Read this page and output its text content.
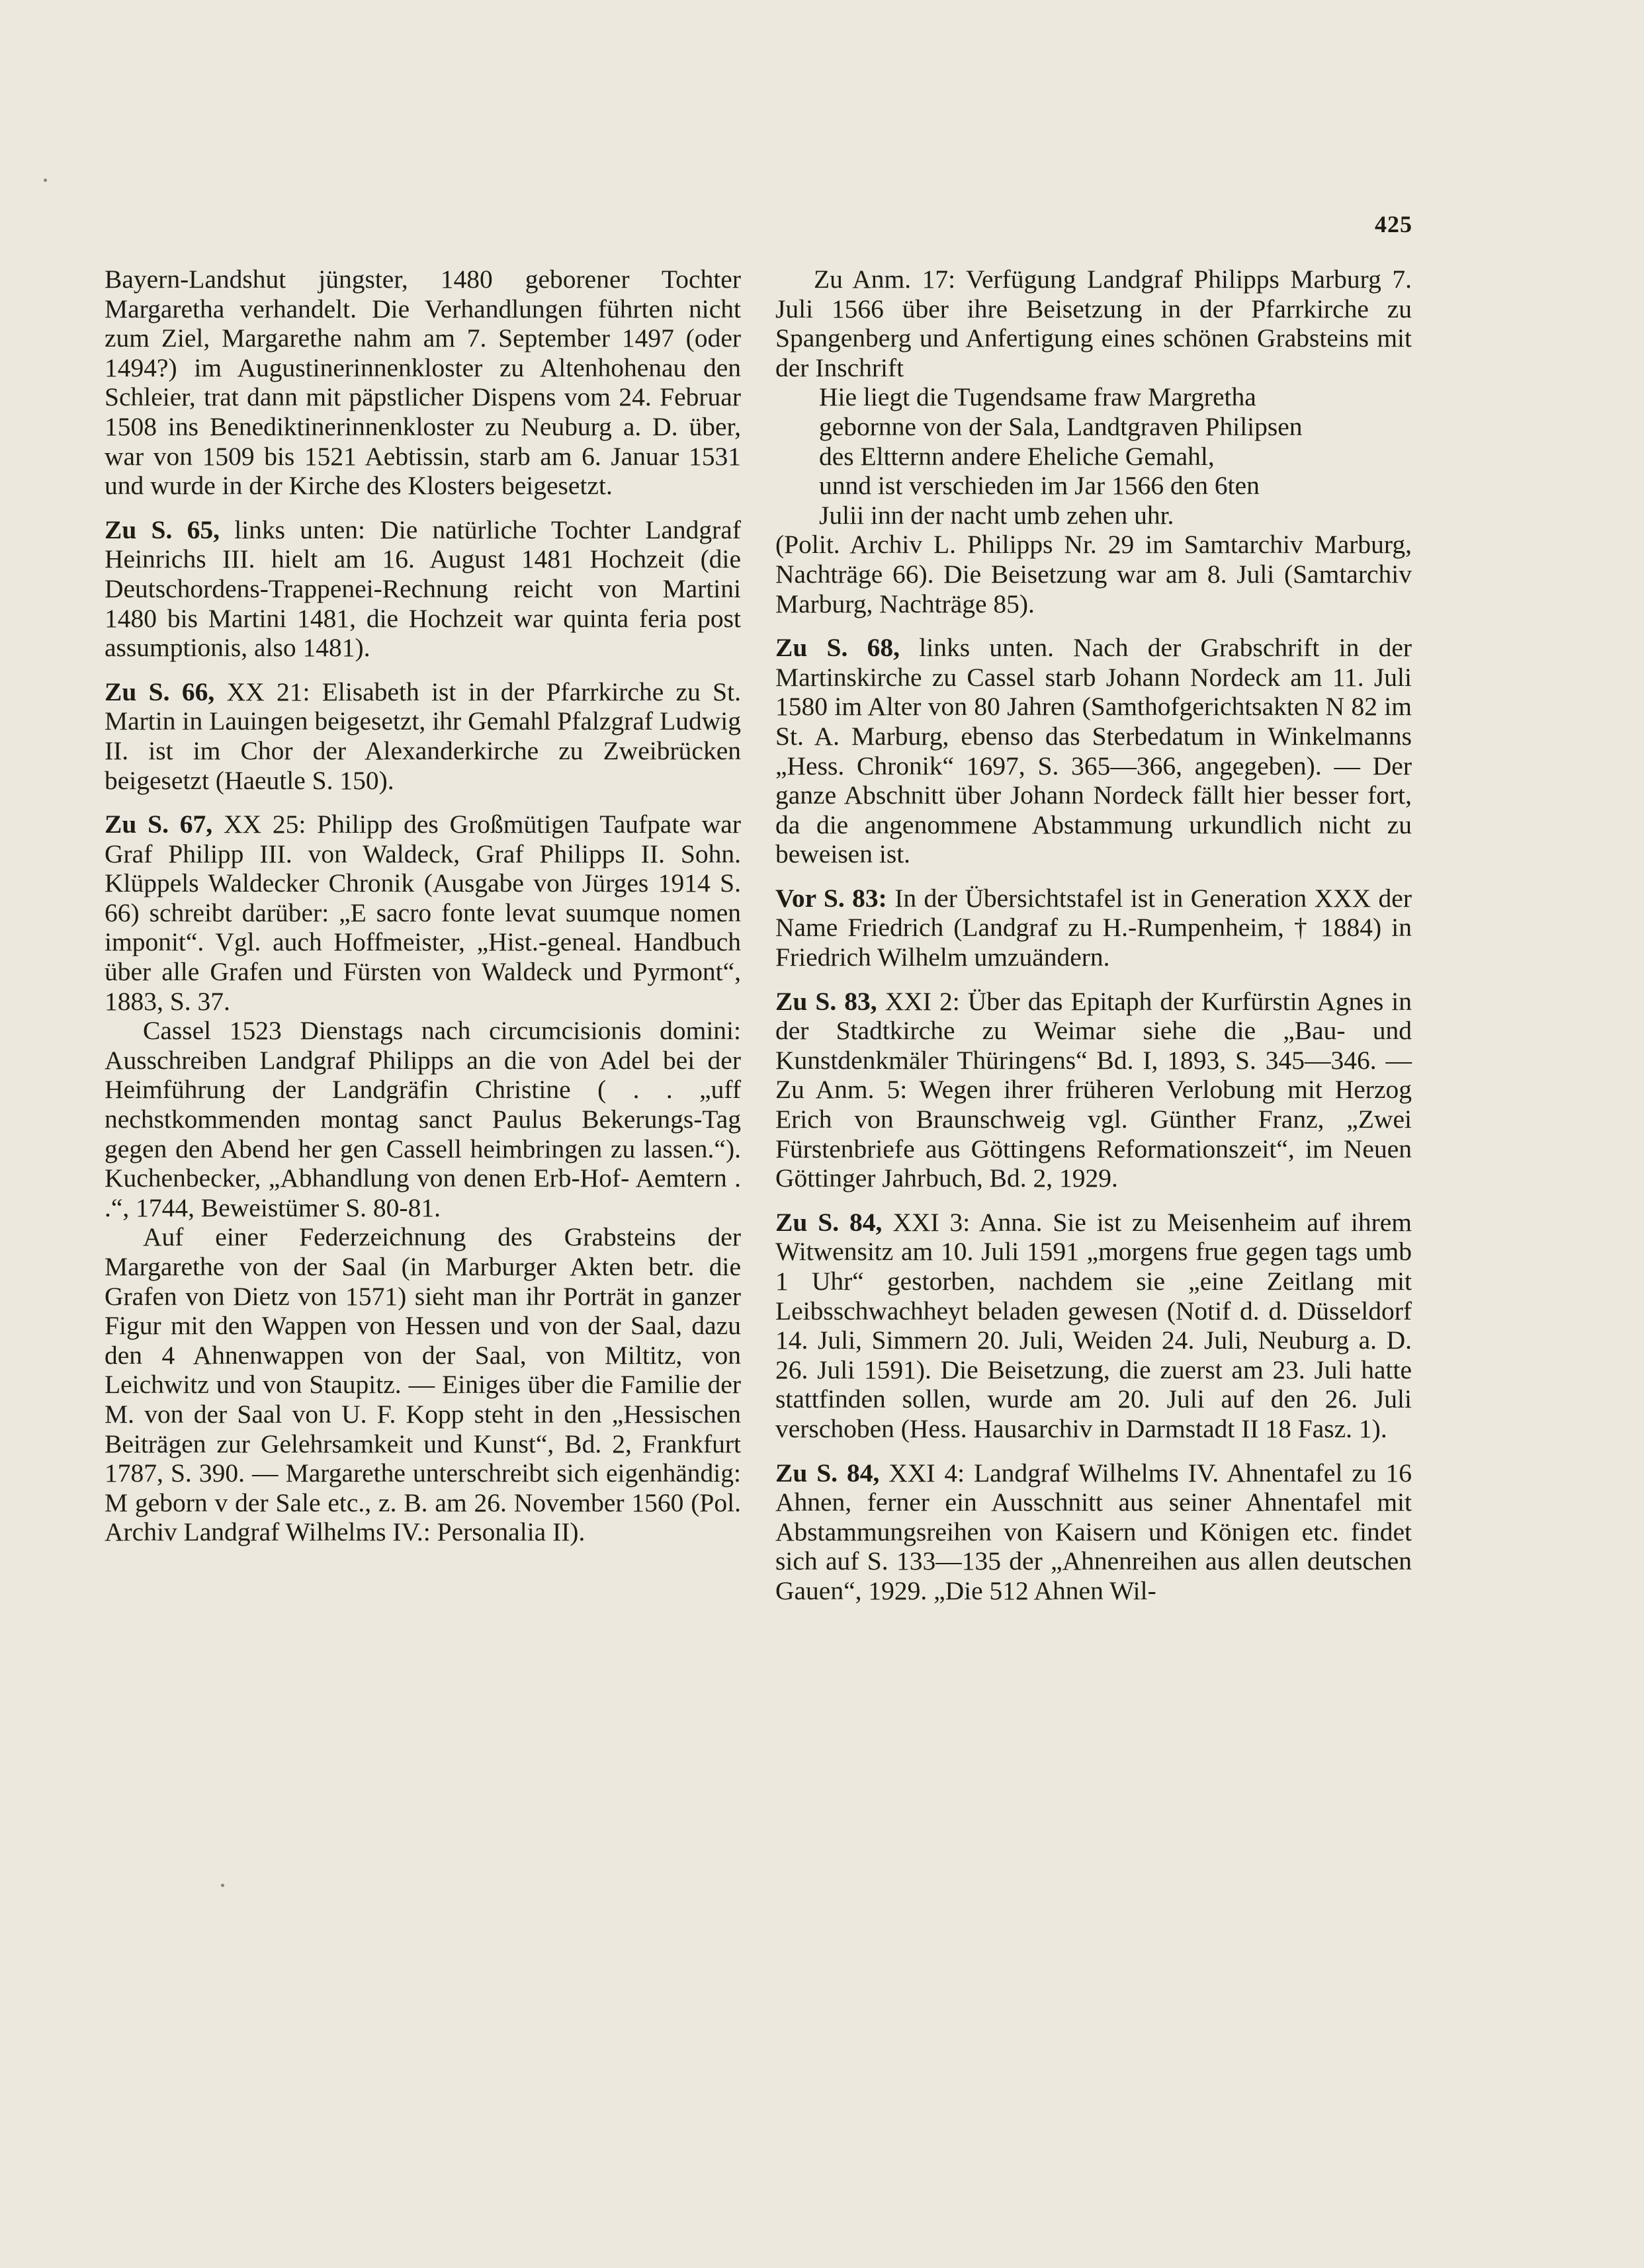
425

Bayern-Landshut jüngster, 1480 geborener Tochter Margaretha verhandelt. Die Verhandlungen führten nicht zum Ziel, Margarethe nahm am 7. September 1497 (oder 1494?) im Augustinerinnenkloster zu Altenhohenau den Schleier, trat dann mit päpstlicher Dispens vom 24. Februar 1508 ins Benediktinerinnenkloster zu Neuburg a. D. über, war von 1509 bis 1521 Aebtissin, starb am 6. Januar 1531 und wurde in der Kirche des Klosters beigesetzt.

Zu S. 65, links unten: Die natürliche Tochter Landgraf Heinrichs III. hielt am 16. August 1481 Hochzeit (die Deutschordens-Trappenei-Rechnung reicht von Martini 1480 bis Martini 1481, die Hochzeit war quinta feria post assumptionis, also 1481).

Zu S. 66, XX 21: Elisabeth ist in der Pfarrkirche zu St. Martin in Lauingen beigesetzt, ihr Gemahl Pfalzgraf Ludwig II. ist im Chor der Alexanderkirche zu Zweibrücken beigesetzt (Haeutle S. 150).

Zu S. 67, XX 25: Philipp des Großmütigen Taufpate war Graf Philipp III. von Waldeck, Graf Philipps II. Sohn. Klüppels Waldecker Chronik (Ausgabe von Jürges 1914 S. 66) schreibt darüber: „E sacro fonte levat suumque nomen imponit“. Vgl. auch Hoffmeister, „Hist.-geneal. Handbuch über alle Grafen und Fürsten von Waldeck und Pyrmont“, 1883, S. 37.

Cassel 1523 Dienstags nach circumcisionis domini: Ausschreiben Landgraf Philipps an die von Adel bei der Heimführung der Landgräfin Christine ( . . „uff nechstkommenden montag sanct Paulus Bekerungs-Tag gegen den Abend her gen Cassell heimbringen zu lassen.“). Kuchenbecker, „Abhandlung von denen Erb-Hof- Aemtern . .“, 1744, Beweistümer S. 80-81.

Auf einer Federzeichnung des Grabsteins der Margarethe von der Saal (in Marburger Akten betr. die Grafen von Dietz von 1571) sieht man ihr Porträt in ganzer Figur mit den Wappen von Hessen und von der Saal, dazu den 4 Ahnenwappen von der Saal, von Miltitz, von Leichwitz und von Staupitz. — Einiges über die Familie der M. von der Saal von U. F. Kopp steht in den „Hessischen Beiträgen zur Gelehrsamkeit und Kunst“, Bd. 2, Frankfurt 1787, S. 390. — Margarethe unterschreibt sich eigenhändig: M geborn v der Sale etc., z. B. am 26. November 1560 (Pol. Archiv Landgraf Wilhelms IV.: Personalia II).

Zu Anm. 17: Verfügung Landgraf Philipps Marburg 7. Juli 1566 über ihre Beisetzung in der Pfarrkirche zu Spangenberg und Anfertigung eines schönen Grabsteins mit der Inschrift

Hie liegt die Tugendsame fraw Margretha
gebornne von der Sala, Landtgraven Philipsen
des Eltternn andere Eheliche Gemahl,
unnd ist verschieden im Jar 1566 den 6ten
Julii inn der nacht umb zehen uhr.

(Polit. Archiv L. Philipps Nr. 29 im Samtarchiv Marburg, Nachträge 66). Die Beisetzung war am 8. Juli (Samtarchiv Marburg, Nachträge 85).

Zu S. 68, links unten. Nach der Grabschrift in der Martinskirche zu Cassel starb Johann Nordeck am 11. Juli 1580 im Alter von 80 Jahren (Samthofgerichtsakten N 82 im St. A. Marburg, ebenso das Sterbedatum in Winkelmanns „Hess. Chronik“ 1697, S. 365—366, angegeben). — Der ganze Abschnitt über Johann Nordeck fällt hier besser fort, da die angenommene Abstammung urkundlich nicht zu beweisen ist.

Vor S. 83: In der Übersichtstafel ist in Generation XXX der Name Friedrich (Landgraf zu H.-Rumpenheim, † 1884) in Friedrich Wilhelm umzuändern.

Zu S. 83, XXI 2: Über das Epitaph der Kurfürstin Agnes in der Stadtkirche zu Weimar siehe die „Bau- und Kunstdenkmäler Thüringens“ Bd. I, 1893, S. 345—346. — Zu Anm. 5: Wegen ihrer früheren Verlobung mit Herzog Erich von Braunschweig vgl. Günther Franz, „Zwei Fürstenbriefe aus Göttingens Reformationszeit“, im Neuen Göttinger Jahrbuch, Bd. 2, 1929.

Zu S. 84, XXI 3: Anna. Sie ist zu Meisenheim auf ihrem Witwensitz am 10. Juli 1591 „morgens frue gegen tags umb 1 Uhr“ gestorben, nachdem sie „eine Zeitlang mit Leibsschwachheyt beladen gewesen (Notif d. d. Düsseldorf 14. Juli, Simmern 20. Juli, Weiden 24. Juli, Neuburg a. D. 26. Juli 1591). Die Beisetzung, die zuerst am 23. Juli hatte stattfinden sollen, wurde am 20. Juli auf den 26. Juli verschoben (Hess. Hausarchiv in Darmstadt II 18 Fasz. 1).

Zu S. 84, XXI 4: Landgraf Wilhelms IV. Ahnentafel zu 16 Ahnen, ferner ein Ausschnitt aus seiner Ahnentafel mit Abstammungsreihen von Kaisern und Königen etc. findet sich auf S. 133—135 der „Ahnenreihen aus allen deutschen Gauen“, 1929. „Die 512 Ahnen Wil-
